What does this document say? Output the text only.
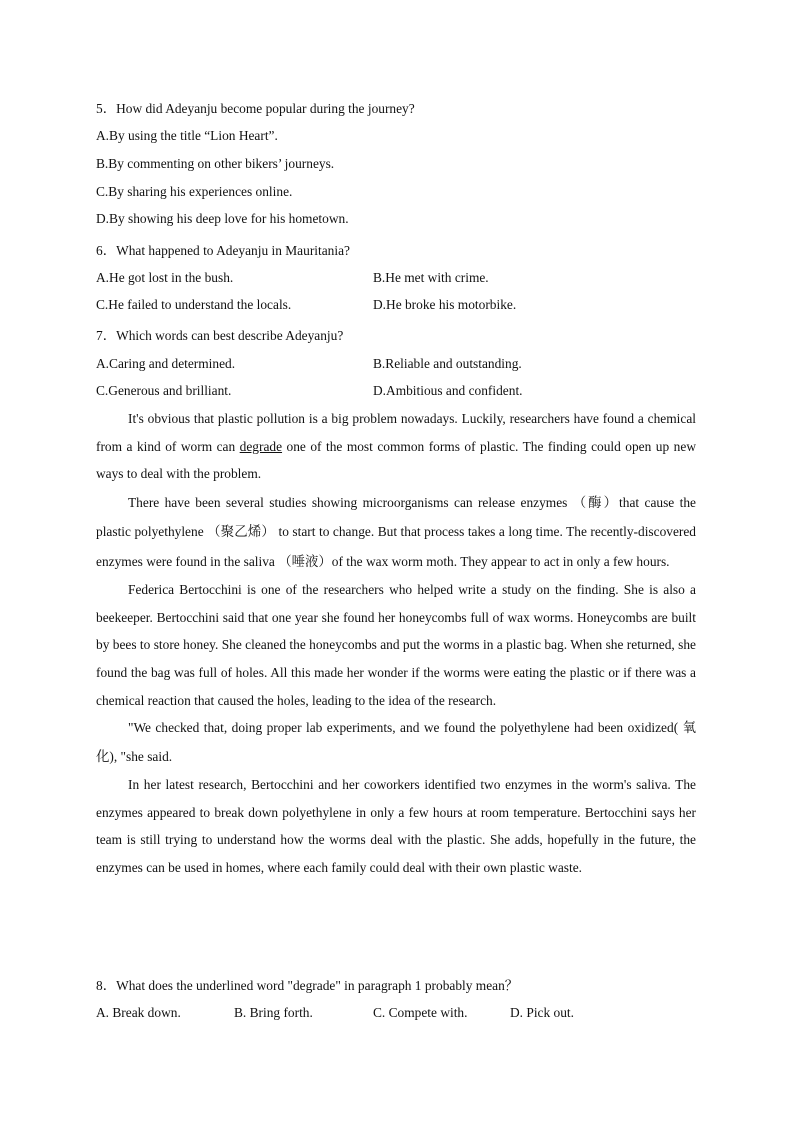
5．How did Adeyanju become popular during the journey?
A.By using the title “Lion Heart”.
B.By commenting on other bikers’ journeys.
C.By sharing his experiences online.
D.By showing his deep love for his hometown.
6．What happened to Adeyanju in Mauritania?
A.He got lost in the bush.	B.He met with crime.
C.He failed to understand the locals.	D.He broke his motorbike.
7．Which words can best describe Adeyanju?
A.Caring and determined.	B.Reliable and outstanding.
C.Generous and brilliant.	D.Ambitious and confident.

It's obvious that plastic pollution is a big problem nowadays. Luckily, researchers have found a chemical from a kind of worm can degrade one of the most common forms of plastic. The finding could open up new ways to deal with the problem.

There have been several studies showing microorganisms can release enzymes （酶）that cause the plastic polyethylene （聚乙烯） to start to change. But that process takes a long time. The recently-discovered enzymes were found in the saliva （唾液）of the wax worm moth. They appear to act in only a few hours.

Federica Bertocchini is one of the researchers who helped write a study on the finding. She is also a beekeeper. Bertocchini said that one year she found her honeycombs full of wax worms. Honeycombs are built by bees to store honey. She cleaned the honeycombs and put the worms in a plastic bag. When she returned, she found the bag was full of holes. All this made her wonder if the worms were eating the plastic or if there was a chemical reaction that caused the holes, leading to the idea of the research.

"We checked that, doing proper lab experiments, and we found the polyethylene had been oxidized( 氧化), "she said.

In her latest research, Bertocchini and her coworkers identified two enzymes in the worm's saliva. The enzymes appeared to break down polyethylene in only a few hours at room temperature. Bertocchini says her team is still trying to understand how the worms deal with the plastic. She adds, hopefully in the future, the enzymes can be used in homes, where each family could deal with their own plastic waste.

8．What does the underlined word "degrade" in paragraph 1 probably mean？
A. Break down.	B. Bring forth.	C. Compete with.	D. Pick out.
